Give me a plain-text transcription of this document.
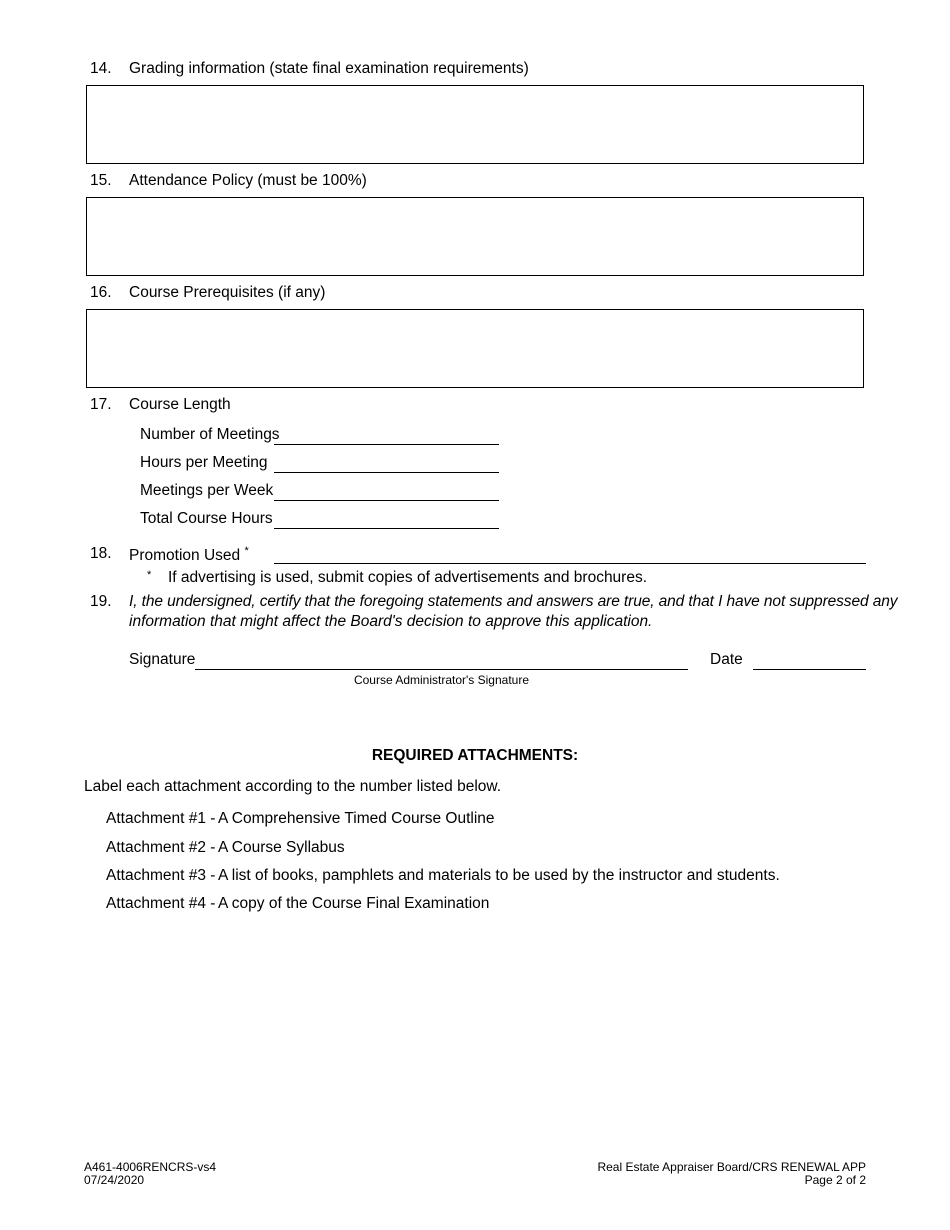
14. Grading information (state final examination requirements)
15. Attendance Policy (must be 100%)
16. Course Prerequisites (if any)
17. Course Length
Number of Meetings
Hours per Meeting
Meetings per Week
Total Course Hours
18. Promotion Used *
* If advertising is used, submit copies of advertisements and brochures.
19. I, the undersigned, certify that the foregoing statements and answers are true, and that I have not suppressed any
information that might affect the Board's decision to approve this application.
Signature
Course Administrator's Signature
Date
REQUIRED ATTACHMENTS:
Label each attachment according to the number listed below.
Attachment #1 - A Comprehensive Timed Course Outline
Attachment #2 - A Course Syllabus
Attachment #3 - A list of books, pamphlets and materials to be used by the instructor and students.
Attachment #4 - A copy of the Course Final Examination
A461-4006RENCRS-vs4
07/24/2020
Real Estate Appraiser Board/CRS RENEWAL APP
Page 2 of 2
